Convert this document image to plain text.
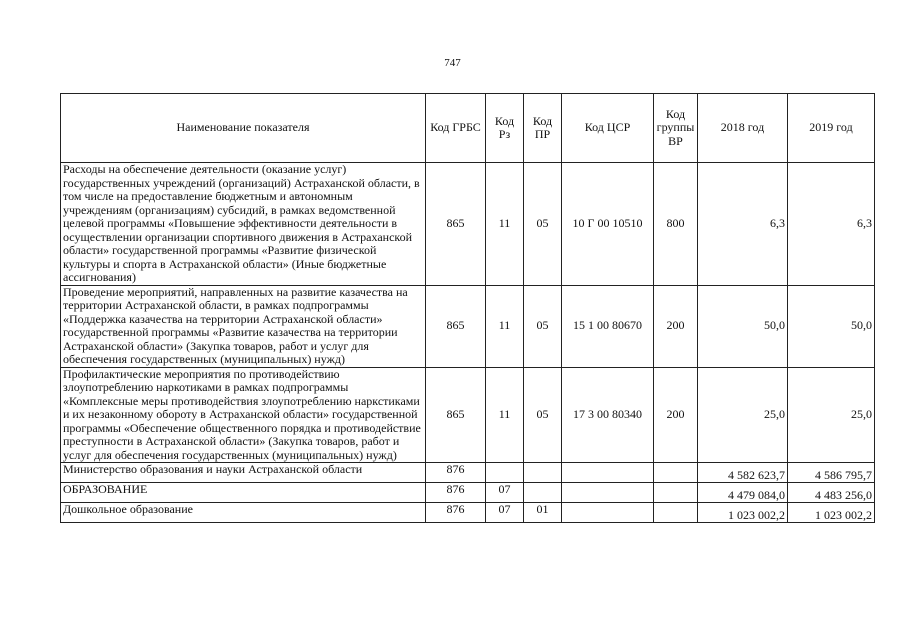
747
Наименование показателя	Код ГРБС	Код Рз	Код ПР	Код ЦСР	Код группы ВР	2018 год	2019 год
Расходы на обеспечение деятельности (оказание услуг) государственных учреждений (организаций) Астраханской области, в том числе на предоставление бюджетным и автономным учреждениям (организациям) субсидий, в рамках ведомственной целевой программы «Повышение эффективности деятельности в осуществлении организации спортивного движения в Астраханской области» государственной программы «Развитие физической культуры и спорта в Астраханской области» (Иные бюджетные ассигнования)	865	11	05	10 Г 00 10510	800	6,3	6,3
Проведение мероприятий, направленных на развитие казачества на территории Астраханской области, в рамках подпрограммы «Поддержка казачества на территории Астраханской области» государственной программы «Развитие казачества на территории Астраханской области» (Закупка товаров, работ и услуг для обеспечения государственных (муниципальных) нужд)	865	11	05	15 1 00 80670	200	50,0	50,0
Профилактические мероприятия по противодействию злоупотреблению наркотиками в рамках подпрограммы «Комплексные меры противодействия злоупотреблению наркстиками и их незаконному обороту в Астраханской области» государственной программы «Обеспечение общественного порядка и противодействие преступности в Астраханской области» (Закупка товаров, работ и услуг для обеспечения государственных (муниципальных) нужд)	865	11	05	17 3 00 80340	200	25,0	25,0
Министерство образования и науки Астраханской области	876					4 582 623,7	4 586 795,7
ОБРАЗОВАНИЕ	876	07				4 479 084,0	4 483 256,0
Дошкольное образование	876	07	01			1 023 002,2	1 023 002,2
